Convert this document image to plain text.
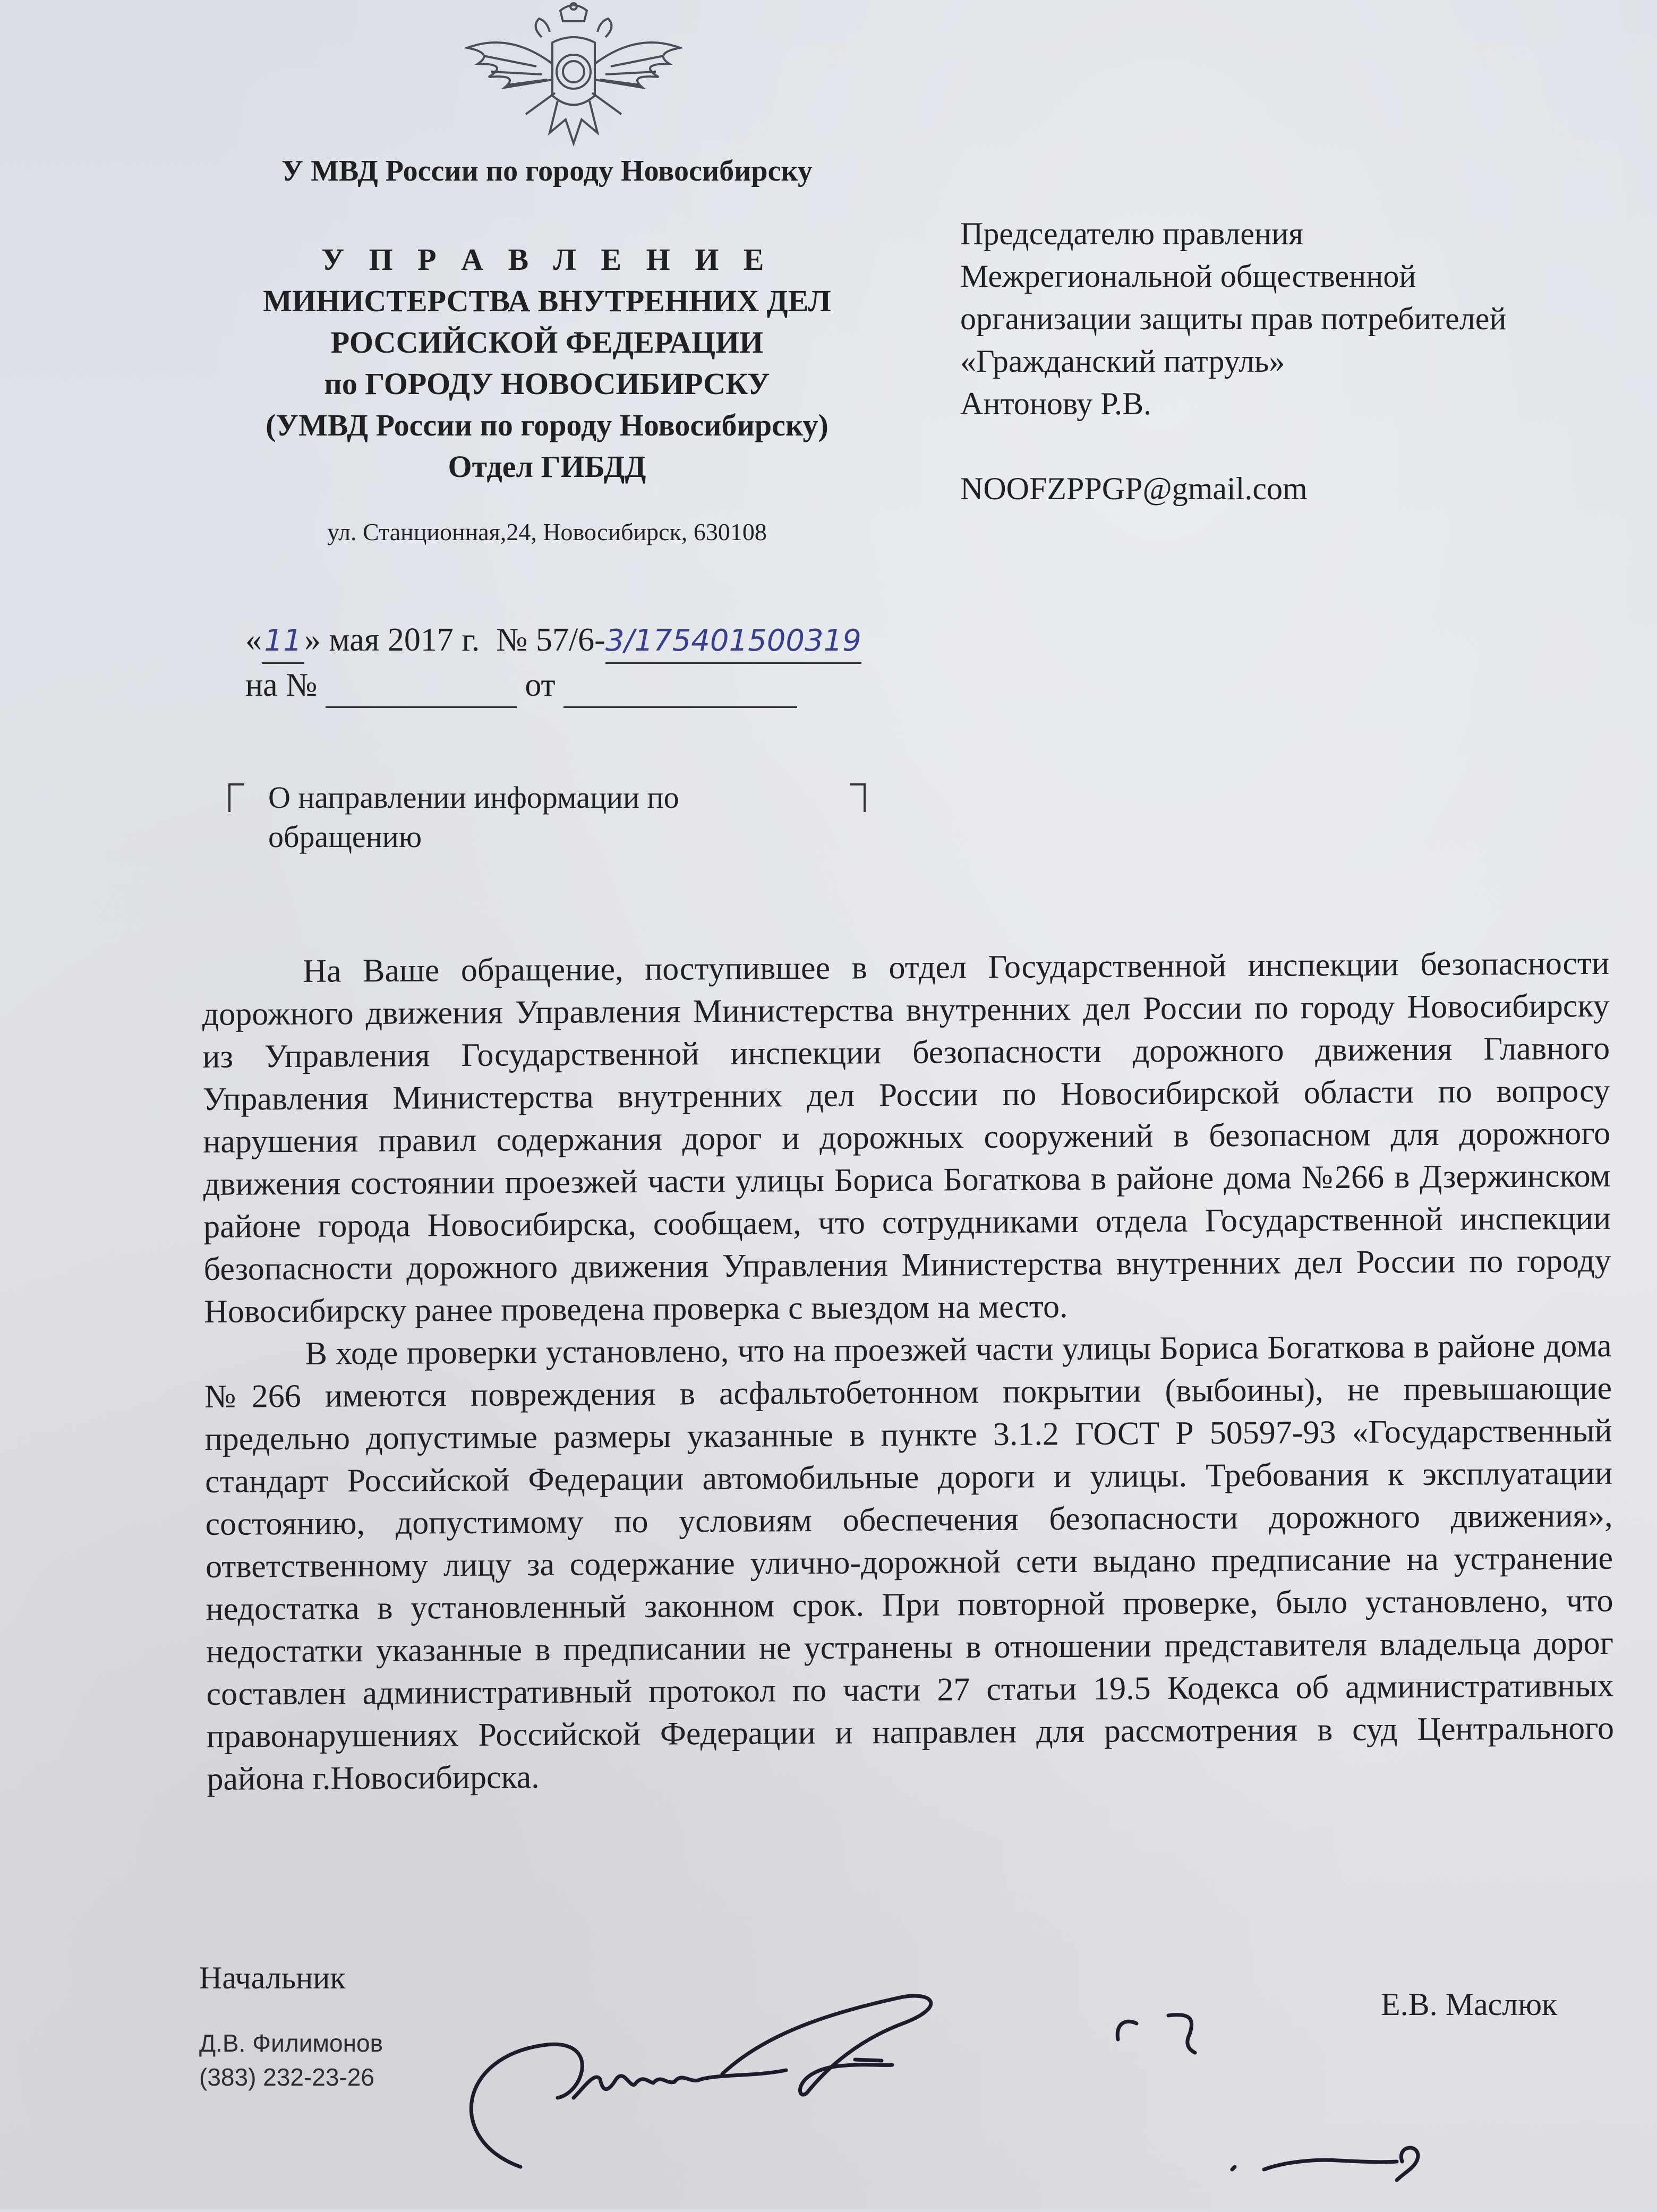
У МВД России по городу Новосибирску
У П Р А В Л Е Н И Е
МИНИСТЕРСТВА ВНУТРЕННИХ ДЕЛ
РОССИЙСКОЙ ФЕДЕРАЦИИ
по ГОРОДУ НОВОСИБИРСКУ
(УМВД России по городу Новосибирску)
Отдел ГИБДД
ул. Станционная,24, Новосибирск, 630108
Председателю правления
Межрегиональной общественной
организации защиты прав потребителей
«Гражданский патруль»
Антонову Р.В.
NOOFZPPGP@gmail.com
«11» мая 2017 г. № 57/6-3/175401500319
на №	от
О направлении информации по
обращению

На Ваше обращение, поступившее в отдел Государственной инспекции безопасности дорожного движения Управления Министерства внутренних дел России по городу Новосибирску из Управления Государственной инспекции безопасности дорожного движения Главного Управления Министерства внутренних дел России по Новосибирской области по вопросу нарушения правил содержания дорог и дорожных сооружений в безопасном для дорожного движения состоянии проезжей части улицы Бориса Богаткова в районе дома №266 в Дзержинском районе города Новосибирска, сообщаем, что сотрудниками отдела Государственной инспекции безопасности дорожного движения Управления Министерства внутренних дел России по городу Новосибирску ранее проведена проверка с выездом на место.

В ходе проверки установлено, что на проезжей части улицы Бориса Богаткова в районе дома №266 имеются повреждения в асфальтобетонном покрытии (выбоины), не превышающие предельно допустимые размеры указанные в пункте 3.1.2 ГОСТ Р 50597-93 «Государственный стандарт Российской Федерации автомобильные дороги и улицы. Требования к эксплуатации состоянию, допустимому по условиям обеспечения безопасности дорожного движения», ответственному лицу за содержание улично-дорожной сети выдано предписание на устранение недостатка в установленный законном срок. При повторной проверке, было установлено, что недостатки указанные в предписании не устранены в отношении представителя владельца дорог составлен административный протокол по части 27 статьи 19.5 Кодекса об административных правонарушениях Российской Федерации и направлен для рассмотрения в суд Центрального района г.Новосибирска.

Начальник
Е.В. Маслюк
Д.В. Филимонов
(383) 232-23-26
